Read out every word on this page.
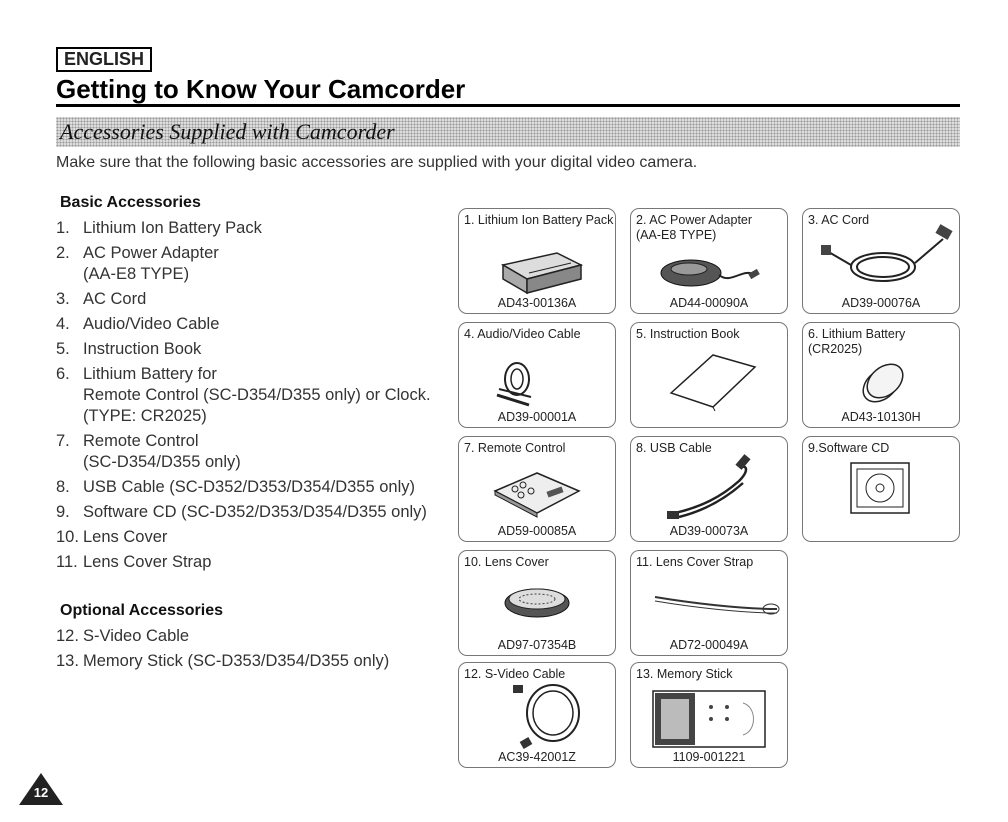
ENGLISH
Getting to Know Your Camcorder
Accessories Supplied with Camcorder
Make sure that the following basic accessories are supplied with your digital video camera.
Basic Accessories
1. Lithium Ion Battery Pack
2. AC Power Adapter
(AA-E8 TYPE)
3. AC Cord
4. Audio/Video Cable
5. Instruction Book
6. Lithium Battery for
Remote Control (SC-D354/D355 only) or Clock.
(TYPE: CR2025)
7. Remote Control
(SC-D354/D355 only)
8. USB Cable (SC-D352/D353/D354/D355 only)
9. Software CD (SC-D352/D353/D354/D355 only)
10. Lens Cover
11. Lens Cover Strap
Optional Accessories
12. S-Video Cable
13. Memory Stick (SC-D353/D354/D355 only)
1. Lithium Ion Battery Pack
AD43-00136A
2. AC Power Adapter
(AA-E8 TYPE)
AD44-00090A
3. AC Cord
AD39-00076A
4. Audio/Video Cable
AD39-00001A
5. Instruction Book	6. Lithium Battery
(CR2025)
AD43-10130H
7. Remote Control
AD59-00085A
8. USB Cable
AD39-00073A
9.Software CD
10. Lens Cover
AD97-07354B
11. Lens Cover Strap
AD72-00049A
12. S-Video Cable
AC39-42001Z
13. Memory Stick
1109-001221
12
